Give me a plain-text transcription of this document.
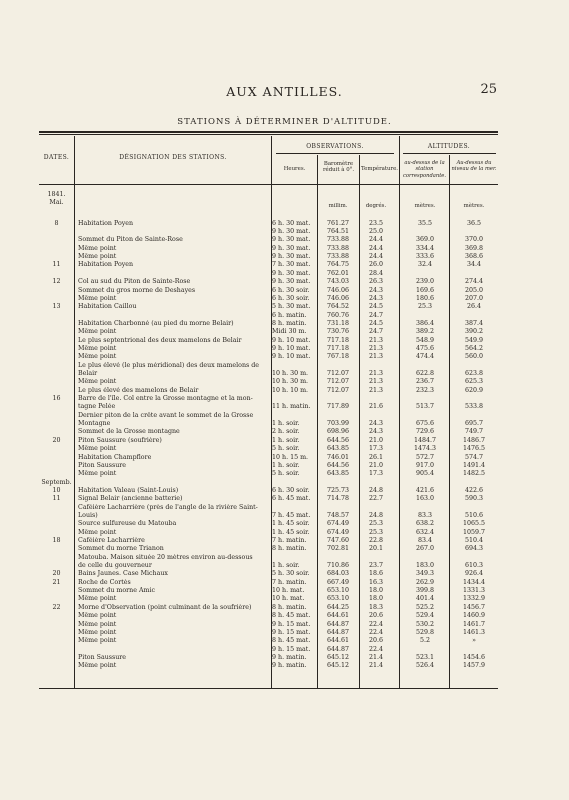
AUX ANTILLES.	25
STATIONS À DÉTERMINER D'ALTITUDE.
DATES.	DÉSIGNATION DES STATIONS.
OBSERVATIONS.	ALTITUDES.
Heures.
Baromètre réduit à 0°.	Température.
au-dessus de la station correspondante.
Au-dessus du niveau de la mer.
millim.	degrés.	mètres.	mètres.
1841.
Mai.
8	Habitation Poyen	6 h. 30 mat.	761.27	23.5	35.5	36.5
9 h. 30 mat.	764.51	25.0
Sommet du Piton de Sainte-Rose	9 h. 30 mat.	733.88	24.4	369.0	370.0
Même point	9 h. 30 mat.	733.88	24.4	334.4	369.8
Même point	9 h. 30 mat.	733.88	24.4	333.6	368.6
11	Habitation Poyen	7 h. 30 mat.	764.75	26.0	32.4	34.4
9 h. 30 mat.	762.01	28.4
12	Col au sud du Piton de Sainte-Rose	9 h. 30 mat.	743.03	26.3	239.0	274.4
Sommet du gros morne de Deshayes	6 h. 30 soir.	746.06	24.3	169.6	205.0
Même point	6 h. 30 soir.	746.06	24.3	180.6	207.0
13	Habitation Caillou	5 h. 30 mat.	764.52	24.5	25.3	26.4
6 h. matin.	760.76	24.7
Habitation Charbonné (au pied du morne Belair)	8 h. matin.	731.18	24.5	386.4	387.4
Même point	Midi 30 m.	730.76	24.7	389.2	390.2
Le plus septentrional des deux mamelons de Belair	9 h. 10 mat.	717.18	21.3	548.9	549.9
Même point	9 h. 10 mat.	717.18	21.3	475.6	564.2
Même point	9 h. 10 mat.	767.18	21.3	474.4	560.0
Le plus élevé (le plus méridional) des deux mamelons de
Belair	10 h. 30 m.	712.07	21.3	622.8	623.8
Même point	10 h. 30 m.	712.07	21.3	236.7	625.3
Le plus élevé des mamelons de Belair	10 h. 10 m.	712.07	21.3	232.3	620.9
16	Barre de l'île. Col entre la Grosse montagne et la mon-
tagne Pelée	11 h. matin.	717.89	21.6	513.7	533.8
Dernier piton de la crête avant le sommet de la Grosse
Montagne	1 h. soir.	703.99	24.3	675.6	695.7
Sommet de la Grosse montagne	2 h. soir.	698.96	24.3	729.6	749.7
20	Piton Saussure (soufrière)	1 h. soir.	644.56	21.0	1484.7	1486.7
Même point	5 h. soir.	643.85	17.3	1474.3	1476.5
Habitation Champflore	10 h. 15 m.	746.01	26.1	572.7	574.7
Piton Saussure	1 h. soir.	644.56	21.0	917.0	1491.4
Même point	5 h. soir.	643.85	17.3	905.4	1482.5
Septemb.
10	Habitation Valeau (Saint-Louis)	6 h. 30 soir.	725.73	24.8	421.6	422.6
11	Signal Belair (ancienne batterie)	6 h. 45 mat.	714.78	22.7	163.0	590.3
Caféière Lacharrière (près de l'angle de la rivière Saint-
Louis)	7 h. 45 mat.	748.57	24.8	83.3	510.6
Source sulfureuse du Matouba	1 h. 45 soir.	674.49	25.3	638.2	1065.5
Même point	1 h. 45 soir.	674.49	25.3	632.4	1059.7
18	Caféière Lacharrière	7 h. matin.	747.60	22.8	83.4	510.4
Sommet du morne Trianon	8 h. matin.	702.81	20.1	267.0	694.3
Matouba. Maison située 20 mètres environ au-dessous
de celle du gouverneur	1 h. soir.	710.86	23.7	183.0	610.3
20	Bains Jaunes. Case Michaux	5 h. 30 soir.	684.03	18.6	349.3	926.4
21	Roche de Cortès	7 h. matin.	667.49	16.3	262.9	1434.4
Sommet du morne Amic	10 h. mat.	653.10	18.0	399.8	1331.3
Même point	10 h. mat.	653.10	18.0	401.4	1332.9
22	Morne d'Observation (point culminant de la soufrière)	8 h. matin.	644.25	18.3	525.2	1456.7
Même point	8 h. 45 mat.	644.61	20.6	529.4	1460.9
Même point	9 h. 15 mat.	644.87	22.4	530.2	1461.7
Même point	9 h. 15 mat.	644.87	22.4	529.8	1461.3
Même point	8 h. 45 mat.	644.61	20.6	5.2	»
9 h. 15 mat.	644.87	22.4
Piton Saussure	9 h. matin.	645.12	21.4	523.1	1454.6
Même point	9 h. matin.	645.12	21.4	526.4	1457.9
